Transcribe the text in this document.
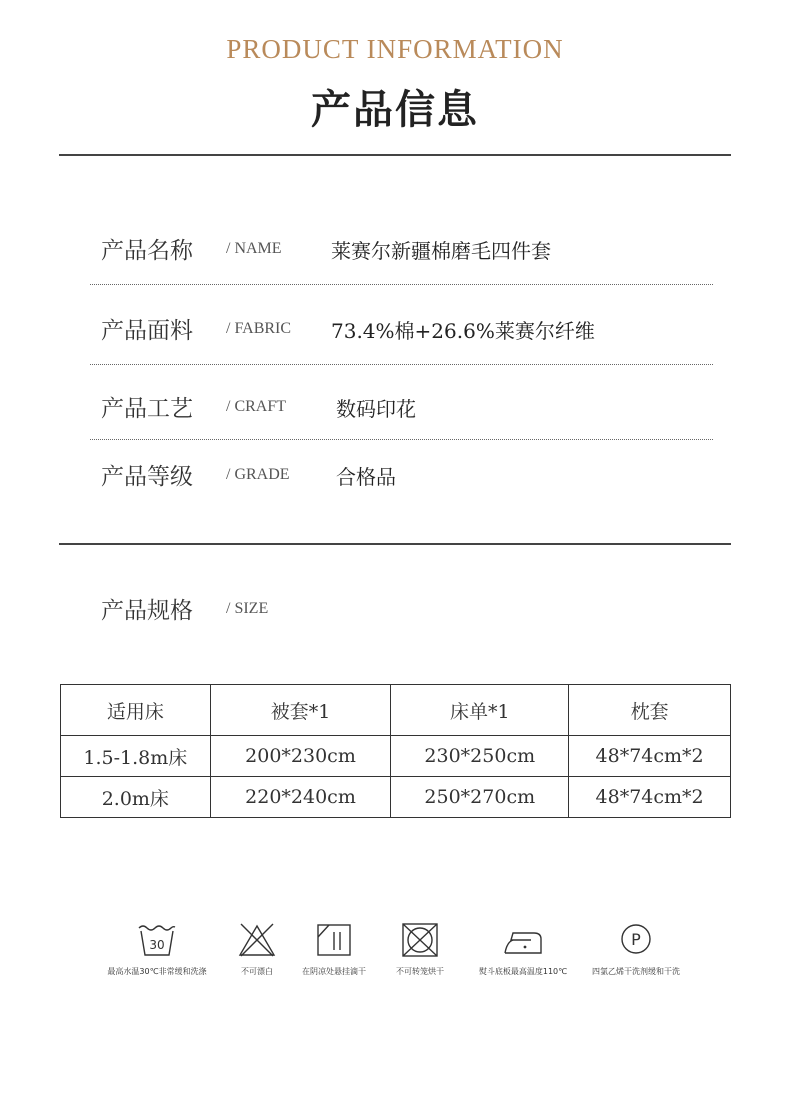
PRODUCT INFORMATION
产品信息
产品名称 / NAME 莱赛尔新疆棉磨毛四件套
产品面料 / FABRIC 73.4%棉+26.6%莱赛尔纤维
产品工艺 / CRAFT 数码印花
产品等级 / GRADE 合格品
产品规格 / SIZE
适用床	被套*1	床单*1	枕套
1.5-1.8m床	200*230cm	230*250cm	48*74cm*2
2.0m床	220*240cm	250*270cm	48*74cm*2
30
最高水温30℃非常缓和洗涤	不可漂白	在阴凉处悬挂滴干	不可转笼烘干	熨斗底板最高温度110℃
P
四氯乙烯干洗剂缓和干洗
